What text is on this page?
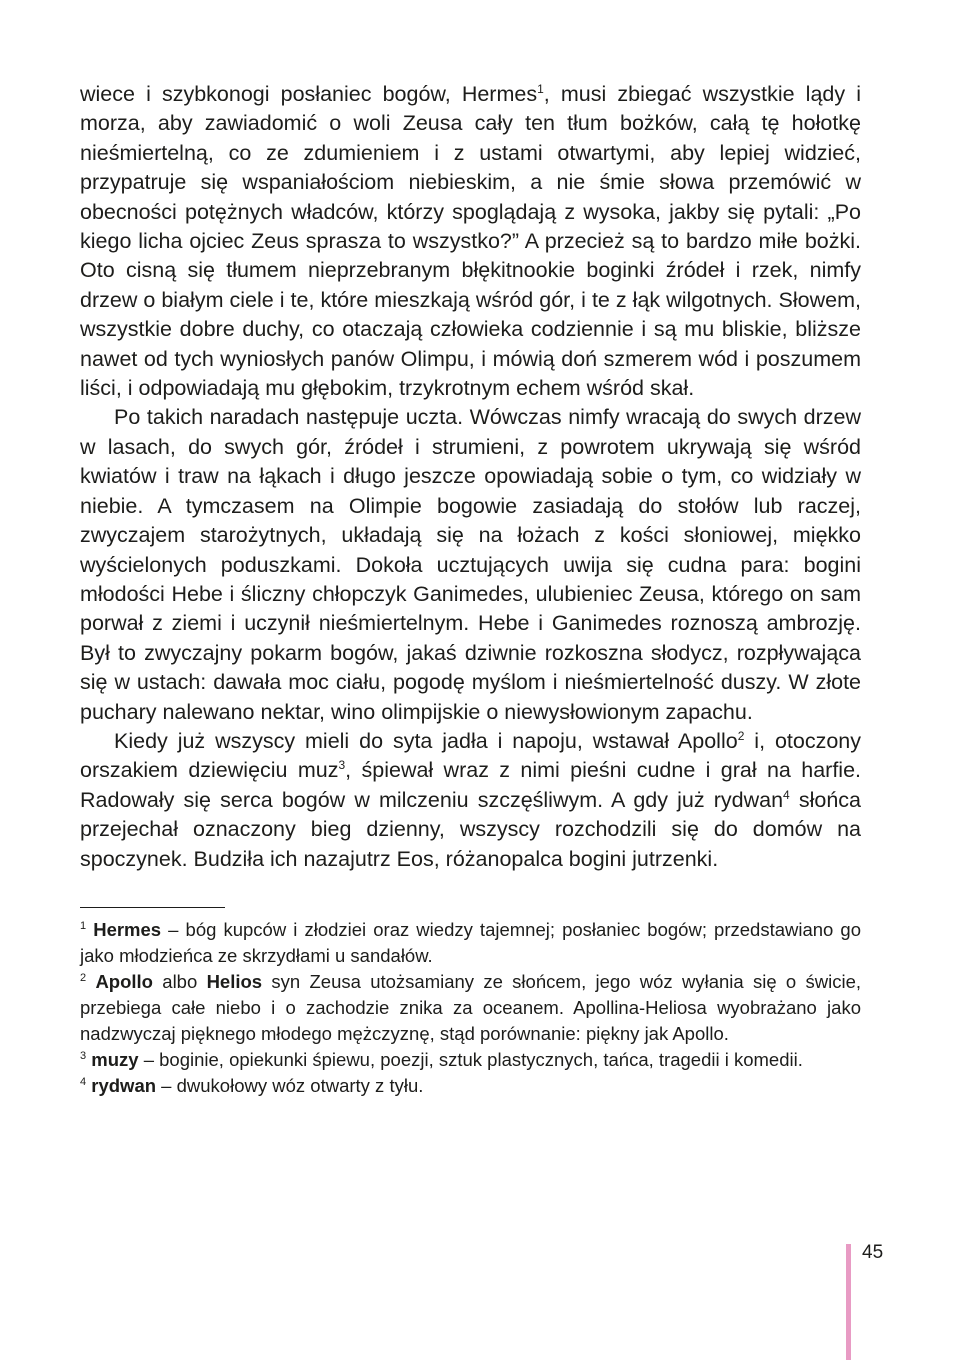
wiece i szybkonogi posłaniec bogów, Hermes$^1$, musi zbiegać wszystkie lądy i morza, aby zawiadomić o woli Zeusa cały ten tłum bożków, całą tę hołotkę nieśmiertelną, co ze zdumieniem i z ustami otwartymi, aby lepiej widzieć, przypatruje się wspaniałościom niebieskim, a nie śmie słowa przemówić w obecności potężnych władców, którzy spoglądają z wysoka, jakby się pytali: „Po kiego licha ojciec Zeus sprasza to wszystko?” A przecież są to bardzo miłe bożki. Oto cisną się tłumem nieprzebranym błękitnookie boginki źródeł i rzek, nimfy drzew o białym ciele i te, które mieszkają wśród gór, i te z łąk wilgotnych. Słowem, wszystkie dobre duchy, co otaczają człowieka codziennie i są mu bliskie, bliższe nawet od tych wyniosłych panów Olimpu, i mówią doń szmerem wód i poszumem liści, i odpowiadają mu głębokim, trzykrotnym echem wśród skał.

Po takich naradach następuje uczta. Wówczas nimfy wracają do swych drzew w lasach, do swych gór, źródeł i strumieni, z powrotem ukrywają się wśród kwiatów i traw na łąkach i długo jeszcze opowiadają sobie o tym, co widziały w niebie. A tymczasem na Olimpie bogowie zasiadają do stołów lub raczej, zwyczajem starożytnych, układają się na łożach z kości słoniowej, miękko wyścielonych poduszkami. Dokoła ucztujących uwija się cudna para: bogini młodości Hebe i śliczny chłopczyk Ganimedes, ulubieniec Zeusa, którego on sam porwał z ziemi i uczynił nieśmiertelnym. Hebe i Ganimedes roznoszą ambrozję. Był to zwyczajny pokarm bogów, jakaś dziwnie rozkoszna słodycz, rozpływająca się w ustach: dawała moc ciału, pogodę myślom i nieśmiertelność duszy. W złote puchary nalewano nektar, wino olimpijskie o niewysłowionym zapachu.

Kiedy już wszyscy mieli do syta jadła i napoju, wstawał Apollo$^2$ i, otoczony orszakiem dziewięciu muz$^3$, śpiewał wraz z nimi pieśni cudne i grał na harfie. Radowały się serca bogów w milczeniu szczęśliwym. A gdy już rydwan$^4$ słońca przejechał oznaczony bieg dzienny, wszyscy rozchodzili się do domów na spoczynek. Budziła ich nazajutrz Eos, różanopalca bogini jutrzenki.

$^1$ Hermes – bóg kupców i złodziei oraz wiedzy tajemnej; posłaniec bogów; przedstawiano go jako młodzieńca ze skrzydłami u sandałów.

$^2$ Apollo albo Helios syn Zeusa utożsamiany ze słońcem, jego wóz wyłania się o świcie, przebiega całe niebo i o zachodzie znika za oceanem. Apollina-Heliosa wyobrażano jako nadzwyczaj pięknego młodego mężczyznę, stąd porównanie: piękny jak Apollo.

$^3$ muzy – boginie, opiekunki śpiewu, poezji, sztuk plastycznych, tańca, tragedii i komedii.

$^4$ rydwan – dwukołowy wóz otwarty z tyłu.

45
